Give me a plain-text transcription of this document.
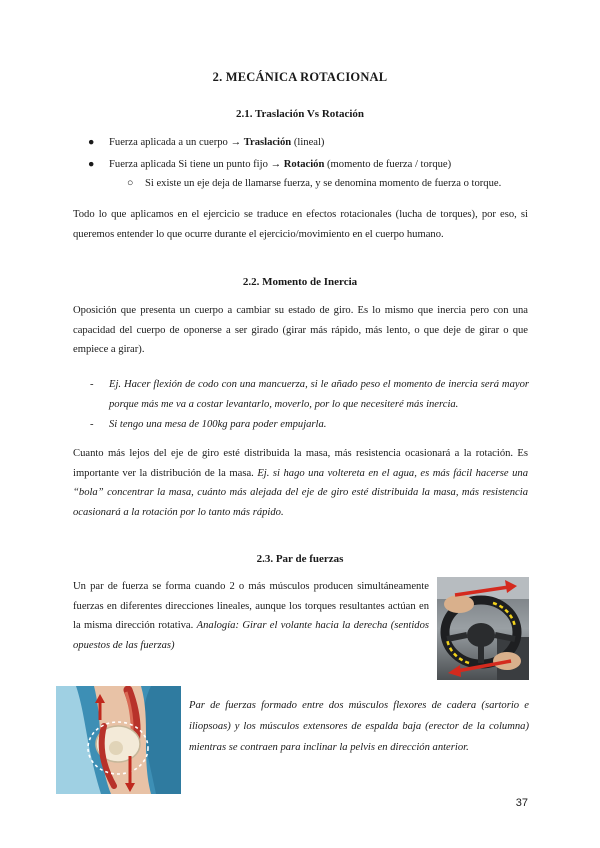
2. MECÁNICA ROTACIONAL
2.1. Traslación Vs Rotación
● Fuerza aplicada a un cuerpo → Traslación (lineal)
● Fuerza aplicada Si tiene un punto fijo → Rotación (momento de fuerza / torque)
○ Si existe un eje deja de llamarse fuerza, y se denomina momento de fuerza o torque.

Todo lo que aplicamos en el ejercicio se traduce en efectos rotacionales (lucha de torques), por eso, si queremos entender lo que ocurre durante el ejercicio/movimiento en el cuerpo humano.

2.2. Momento de Inercia

Oposición que presenta un cuerpo a cambiar su estado de giro. Es lo mismo que inercia pero con una capacidad del cuerpo de oponerse a ser girado (girar más rápido, más lento, o que deje de girar o que empiece a girar).

- Ej. Hacer flexión de codo con una mancuerza, si le añado peso el momento de inercia será mayor porque más me va a costar levantarlo, moverlo, por lo que necesiteré más inercia.
- Si tengo una mesa de 100kg para poder empujarla.

Cuanto más lejos del eje de giro esté distribuida la masa, más resistencia ocasionará a la rotación. Es importante ver la distribución de la masa. Ej. si hago una voltereta en el agua, es más fácil hacerse una “bola” concentrar la masa, cuánto más alejada del eje de giro esté distribuida la masa, más resistencia ocasionará a la rotación por lo tanto más rápido.

2.3. Par de fuerzas

Un par de fuerza se forma cuando 2 o más músculos producen simultáneamente fuerzas en diferentes direcciones lineales, aunque los torques resultantes actúan en la misma dirección rotativa. Analogía: Girar el volante hacia la derecha (sentidos opuestos de las fuerzas)

Par de fuerzas formado entre dos músculos flexores de cadera (sartorio e iliopsoas) y los músculos extensores de espalda baja (erector de la columna) mientras se contraen para inclinar la pelvis en dirección anterior.

37
